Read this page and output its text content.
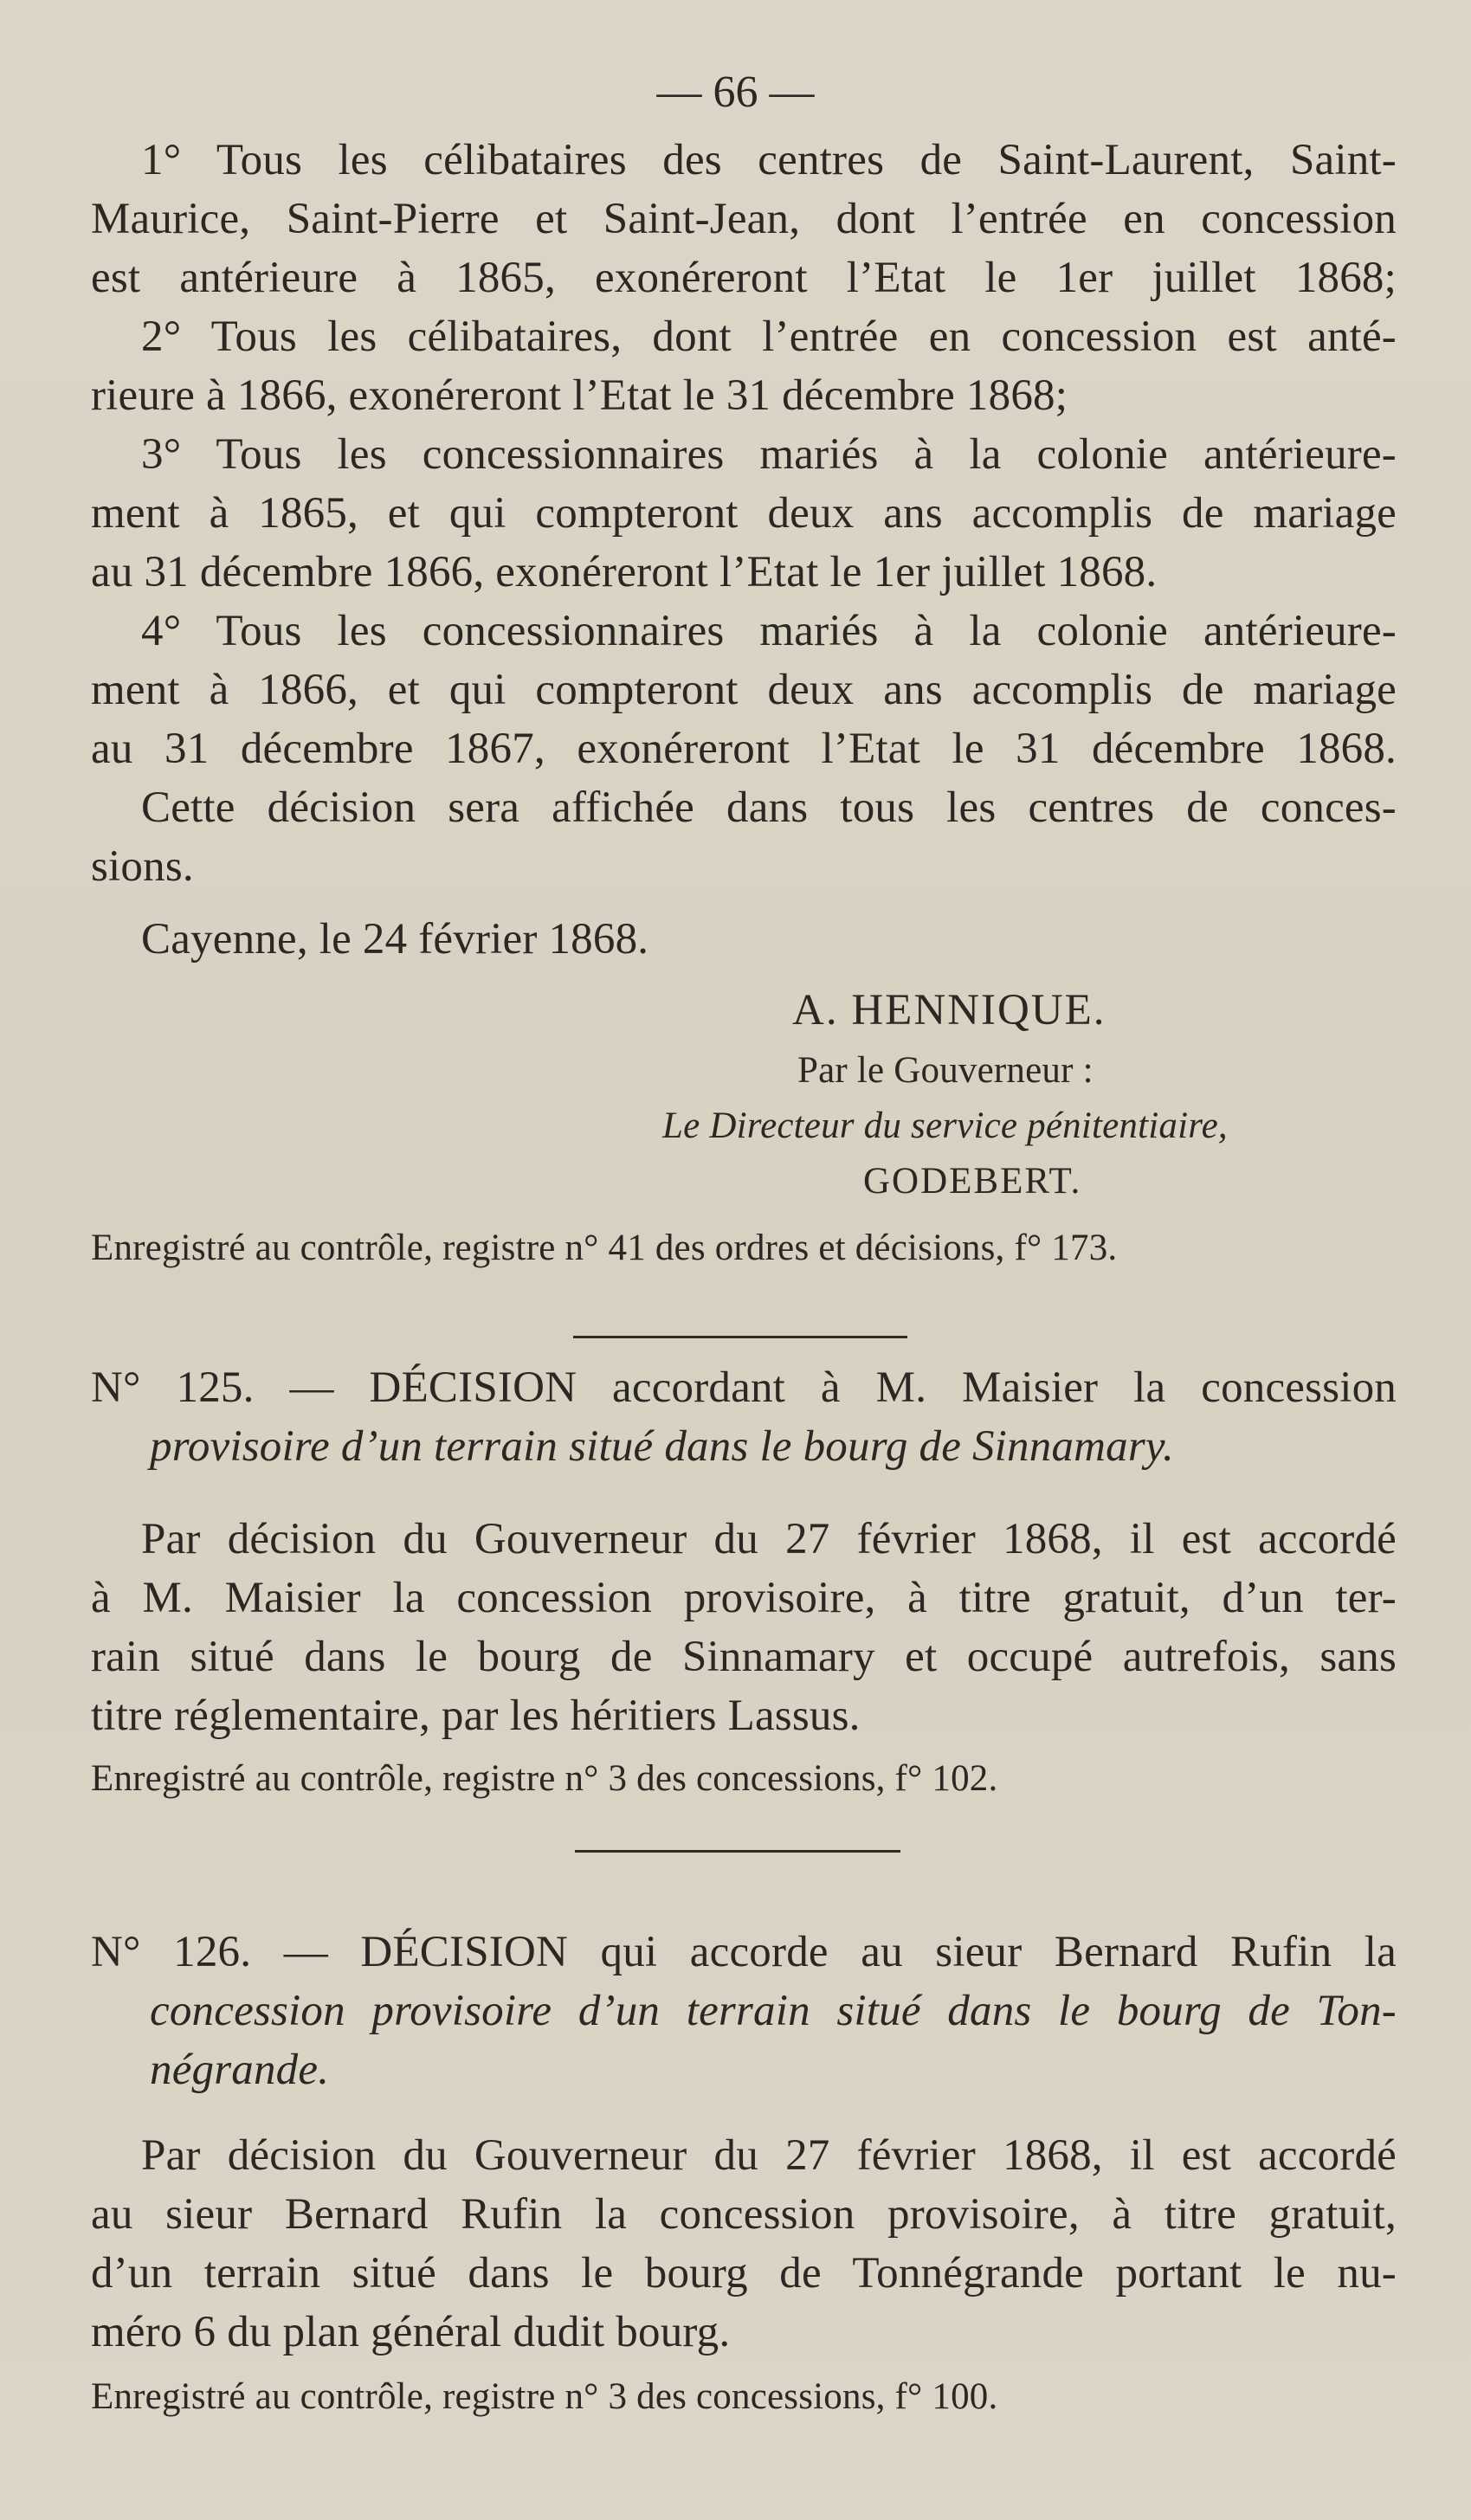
— 66 —
1° Tous les célibataires des centres de Saint-Laurent, Saint-
Maurice, Saint-Pierre et Saint-Jean, dont l’entrée en concession
est antérieure à 1865, exonéreront l’Etat le 1er juillet 1868;
2° Tous les célibataires, dont l’entrée en concession est anté-
rieure à 1866, exonéreront l’Etat le 31 décembre 1868;
3° Tous les concessionnaires mariés à la colonie antérieure-
ment à 1865, et qui compteront deux ans accomplis de mariage
au 31 décembre 1866, exonéreront l’Etat le 1er juillet 1868.
4° Tous les concessionnaires mariés à la colonie antérieure-
ment à 1866, et qui compteront deux ans accomplis de mariage
au 31 décembre 1867, exonéreront l’Etat le 31 décembre 1868.
Cette décision sera affichée dans tous les centres de conces-
sions.
Cayenne, le 24 février 1868.
A. HENNIQUE.
Par le Gouverneur :
Le Directeur du service pénitentiaire,
GODEBERT.
Enregistré au contrôle, registre n° 41 des ordres et décisions, f° 173.
N° 125. — DÉCISION accordant à M. Maisier la concession
provisoire d’un terrain situé dans le bourg de Sinnamary.
Par décision du Gouverneur du 27 février 1868, il est accordé
à M. Maisier la concession provisoire, à titre gratuit, d’un ter-
rain situé dans le bourg de Sinnamary et occupé autrefois, sans
titre réglementaire, par les héritiers Lassus.
Enregistré au contrôle, registre n° 3 des concessions, f° 102.
N° 126. — DÉCISION qui accorde au sieur Bernard Rufin la
concession provisoire d’un terrain situé dans le bourg de Ton-
négrande.
Par décision du Gouverneur du 27 février 1868, il est accordé
au sieur Bernard Rufin la concession provisoire, à titre gratuit,
d’un terrain situé dans le bourg de Tonnégrande portant le nu-
méro 6 du plan général dudit bourg.
Enregistré au contrôle, registre n° 3 des concessions, f° 100.
